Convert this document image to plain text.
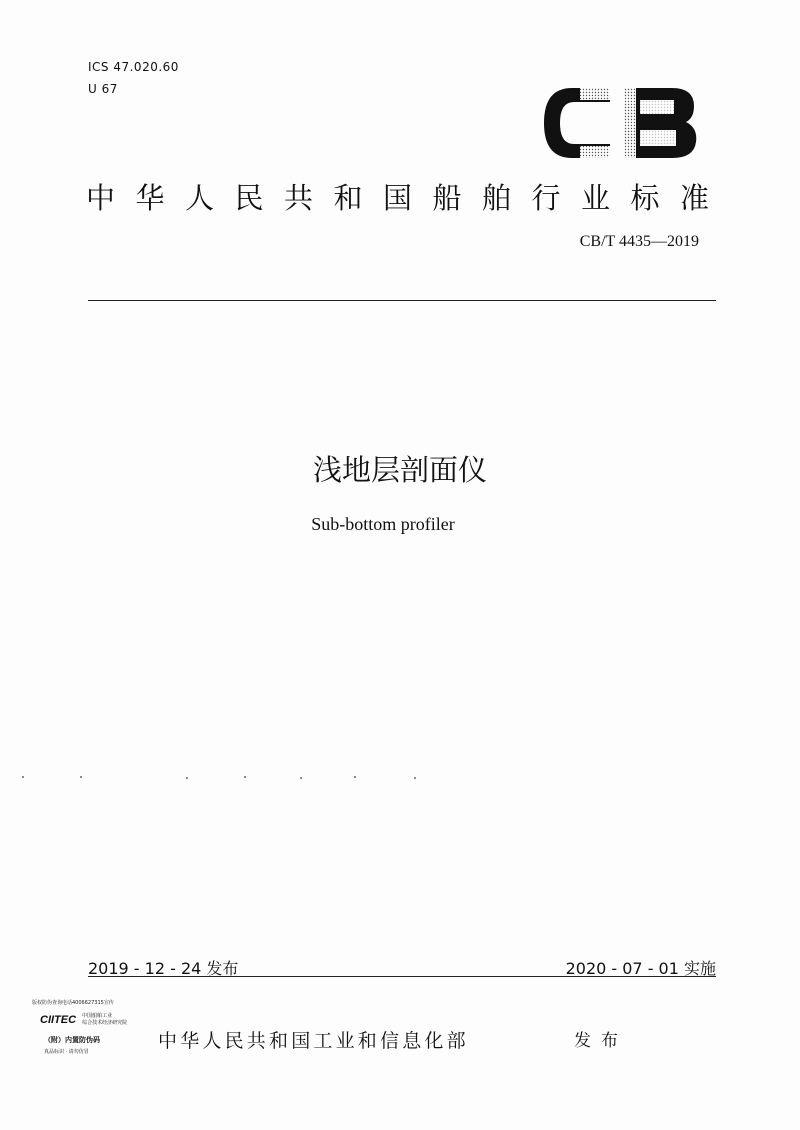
ICS 47.020.60
U 67
中华人民共和国船舶行业标准
CB/T 4435—2019
浅地层剖面仪
Sub-bottom profiler
2019 - 12 - 24 发布	2020 - 07 - 01 实施
版权防伪查询电话4006627315宣传
CIITEC 中国船舶工业
综合技术经济研究院
（附）内置防伪码
真品标识 · 请勿仿冒	中华人民共和国工业和信息化部	发布
